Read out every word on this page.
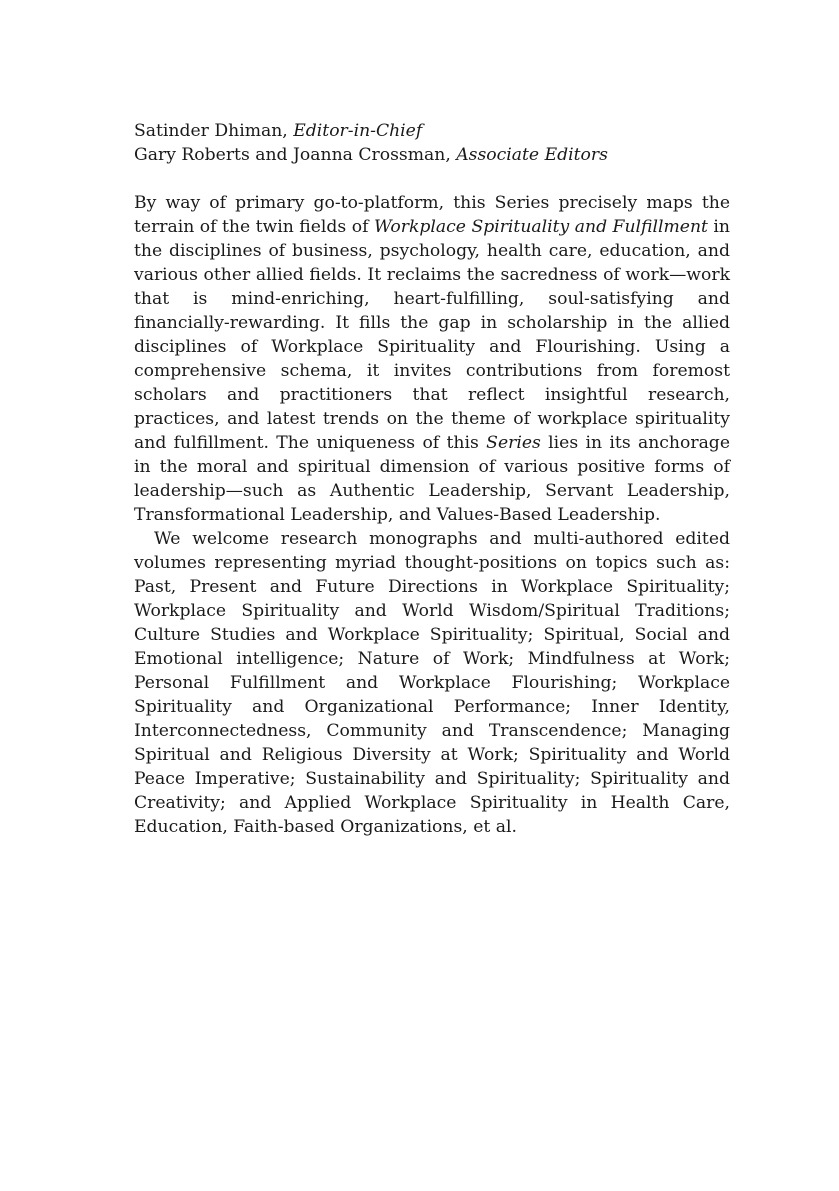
Satinder Dhiman, Editor-in-Chief

Gary Roberts and Joanna Crossman, Associate Editors

By way of primary go-to-platform, this Series precisely maps the terrain of the twin fields of Workplace Spirituality and Fulfillment in the disciplines of business, psychology, health care, education, and various other allied fields. It reclaims the sacredness of work—work that is mind-enriching, heart-fulfilling, soul-satisfying and financially-rewarding. It fills the gap in scholarship in the allied disciplines of Workplace Spirituality and Flourishing. Using a comprehensive schema, it invites contributions from foremost scholars and practitioners that reflect insightful research, practices, and latest trends on the theme of workplace spirituality and fulfillment. The uniqueness of this Series lies in its anchorage in the moral and spiritual dimension of various positive forms of leadership—such as Authentic Leadership, Servant Leadership, Transformational Leadership, and Values-Based Leadership.

We welcome research monographs and multi-authored edited volumes representing myriad thought-positions on topics such as: Past, Present and Future Directions in Workplace Spirituality; Workplace Spirituality and World Wisdom/Spiritual Traditions; Culture Studies and Workplace Spirituality; Spiritual, Social and Emotional intelligence; Nature of Work; Mindfulness at Work; Personal Fulfillment and Workplace Flourishing; Workplace Spirituality and Organizational Performance; Inner Identity, Interconnectedness, Community and Transcendence; Managing Spiritual and Religious Diversity at Work; Spirituality and World Peace Imperative; Sustainability and Spirituality; Spirituality and Creativity; and Applied Workplace Spirituality in Health Care, Education, Faith-based Organizations, et al.
